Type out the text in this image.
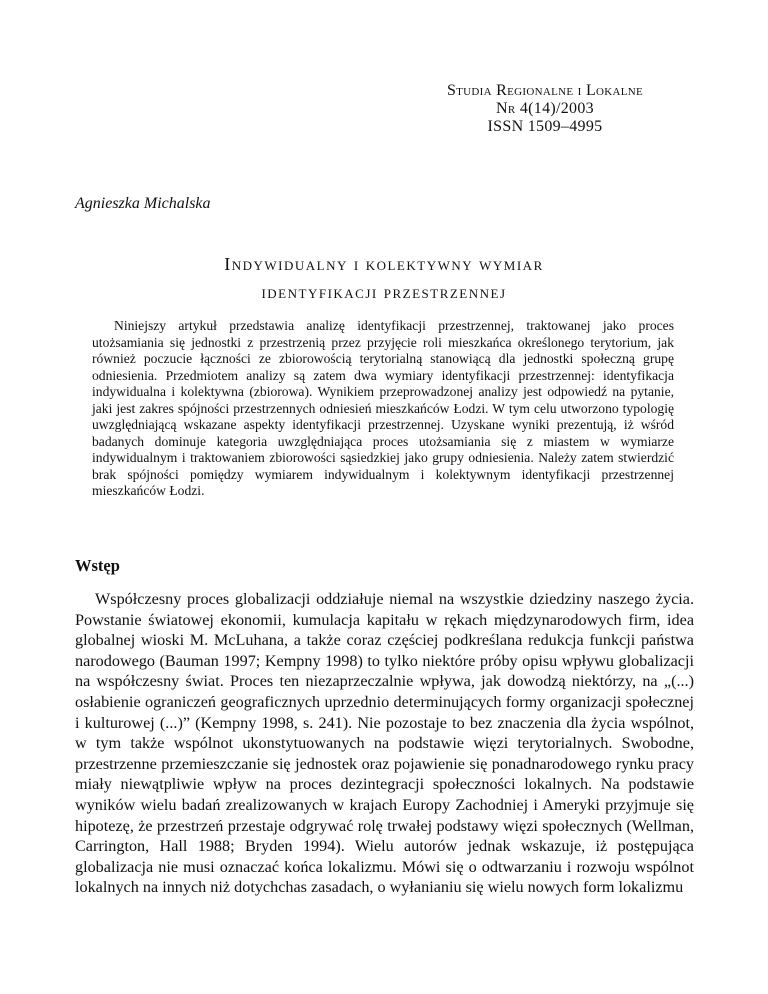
Studia Regionalne i Lokalne
Nr 4(14)/2003
ISSN 1509–4995
Agnieszka Michalska
Indywidualny i kolektywny wymiar
identyfikacji przestrzennej
Niniejszy artykuł przedstawia analizę identyfikacji przestrzennej, traktowanej jako proces utożsamiania się jednostki z przestrzenią przez przyjęcie roli mieszkańca określonego terytorium, jak również poczucie łączności ze zbiorowością terytorialną stanowiącą dla jednostki społeczną grupę odniesienia. Przedmiotem analizy są zatem dwa wymiary identyfikacji przestrzennej: identyfikacja indywidualna i kolektywna (zbiorowa). Wynikiem przeprowadzonej analizy jest odpowiedź na pytanie, jaki jest zakres spójności przestrzennych odniesień mieszkańców Łodzi. W tym celu utworzono typologię uwzględniającą wskazane aspekty identyfikacji przestrzennej. Uzyskane wyniki prezentują, iż wśród badanych dominuje kategoria uwzględniająca proces utożsamiania się z miastem w wymiarze indywidualnym i traktowaniem zbiorowości sąsiedzkiej jako grupy odniesienia. Należy zatem stwierdzić brak spójności pomiędzy wymiarem indywidualnym i kolektywnym identyfikacji przestrzennej mieszkańców Łodzi.
Wstęp
Współczesny proces globalizacji oddziałuje niemal na wszystkie dziedziny naszego życia. Powstanie światowej ekonomii, kumulacja kapitału w rękach międzynarodowych firm, idea globalnej wioski M. McLuhana, a także coraz częściej podkreślana redukcja funkcji państwa narodowego (Bauman 1997; Kempny 1998) to tylko niektóre próby opisu wpływu globalizacji na współczesny świat. Proces ten niezaprzeczalnie wpływa, jak dowodzą niektórzy, na „(...) osłabienie ograniczeń geograficznych uprzednio determinujących formy organizacji społecznej i kulturowej (...)” (Kempny 1998, s. 241). Nie pozostaje to bez znaczenia dla życia wspólnot, w tym także wspólnot ukonstytuowanych na podstawie więzi terytorialnych. Swobodne, przestrzenne przemieszczanie się jednostek oraz pojawienie się ponadnarodowego rynku pracy miały niewątpliwie wpływ na proces dezintegracji społeczności lokalnych. Na podstawie wyników wielu badań zrealizowanych w krajach Europy Zachodniej i Ameryki przyjmuje się hipotezę, że przestrzeń przestaje odgrywać rolę trwałej podstawy więzi społecznych (Wellman, Carrington, Hall 1988; Bryden 1994). Wielu autorów jednak wskazuje, iż postępująca globalizacja nie musi oznaczać końca lokalizmu. Mówi się o odtwarzaniu i rozwoju wspólnot lokalnych na innych niż dotychchas zasadach, o wyłanianiu się wielu nowych form lokalizmu
